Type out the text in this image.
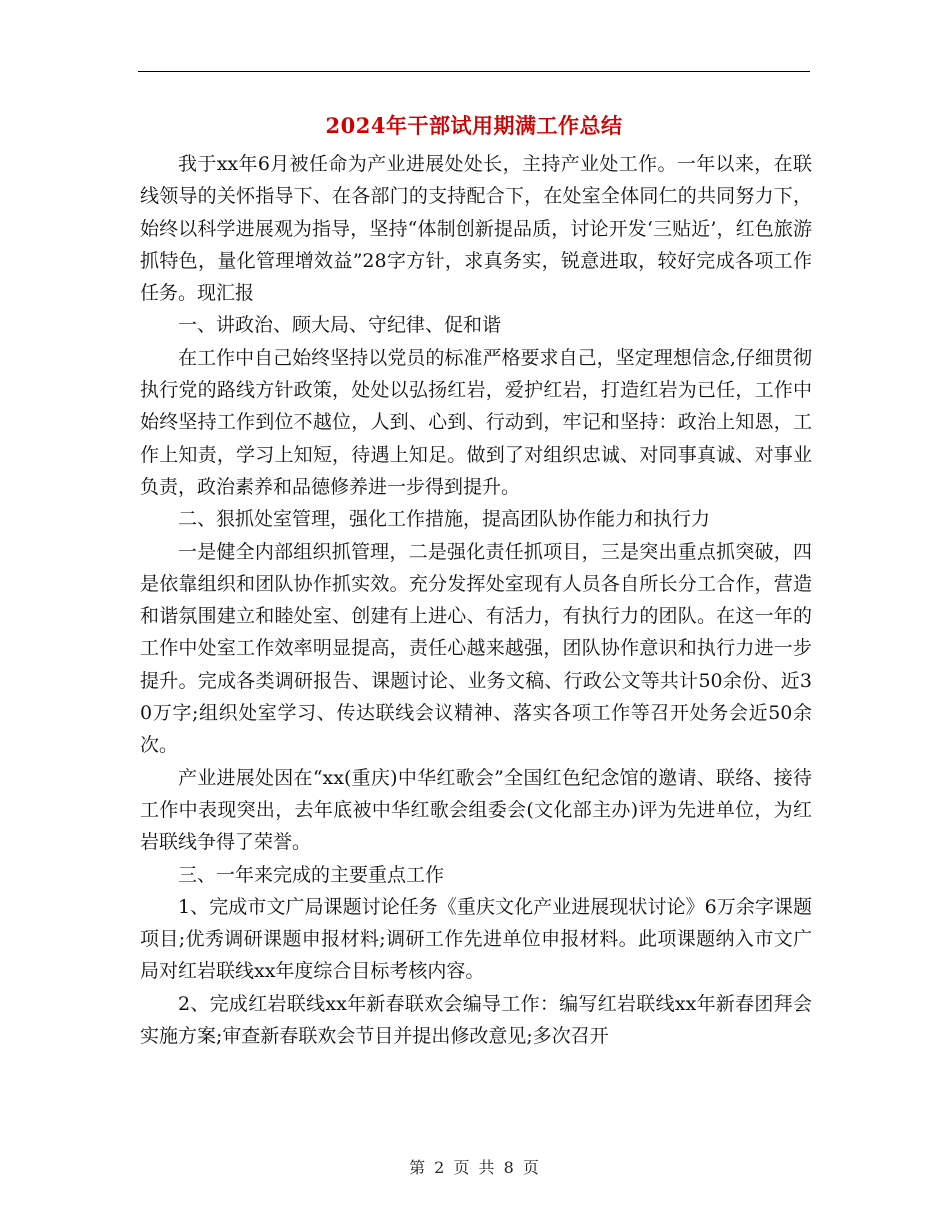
2024年干部试用期满工作总结

我于xx年6月被任命为产业进展处处长，主持产业处工作。一年以来，在联线领导的关怀指导下、在各部门的支持配合下，在处室全体同仁的共同努力下，始终以科学进展观为指导，坚持“体制创新提品质，讨论开发‘三贴近’，红色旅游抓特色，量化管理增效益”28字方针，求真务实，锐意进取，较好完成各项工作任务。现汇报

一、讲政治、顾大局、守纪律、促和谐

在工作中自己始终坚持以党员的标准严格要求自己，坚定理想信念,仔细贯彻执行党的路线方针政策，处处以弘扬红岩，爱护红岩，打造红岩为已任，工作中始终坚持工作到位不越位，人到、心到、行动到，牢记和坚持：政治上知恩，工作上知责，学习上知短，待遇上知足。做到了对组织忠诚、对同事真诚、对事业负责，政治素养和品德修养进一步得到提升。

二、狠抓处室管理，强化工作措施，提高团队协作能力和执行力

一是健全内部组织抓管理，二是强化责任抓项目，三是突出重点抓突破，四是依靠组织和团队协作抓实效。充分发挥处室现有人员各自所长分工合作，营造和谐氛围建立和睦处室、创建有上进心、有活力，有执行力的团队。在这一年的工作中处室工作效率明显提高，责任心越来越强，团队协作意识和执行力进一步提升。完成各类调研报告、课题讨论、业务文稿、行政公文等共计50余份、近30万字;组织处室学习、传达联线会议精神、落实各项工作等召开处务会近50余次。

产业进展处因在“xx(重庆)中华红歌会”全国红色纪念馆的邀请、联络、接待工作中表现突出，去年底被中华红歌会组委会(文化部主办)评为先进单位，为红岩联线争得了荣誉。

三、一年来完成的主要重点工作

1、完成市文广局课题讨论任务《重庆文化产业进展现状讨论》6万余字课题项目;优秀调研课题申报材料;调研工作先进单位申报材料。此项课题纳入市文广局对红岩联线xx年度综合目标考核内容。

2、完成红岩联线xx年新春联欢会编导工作：编写红岩联线xx年新春团拜会实施方案;审查新春联欢会节目并提出修改意见;多次召开

第 2 页 共 8 页
